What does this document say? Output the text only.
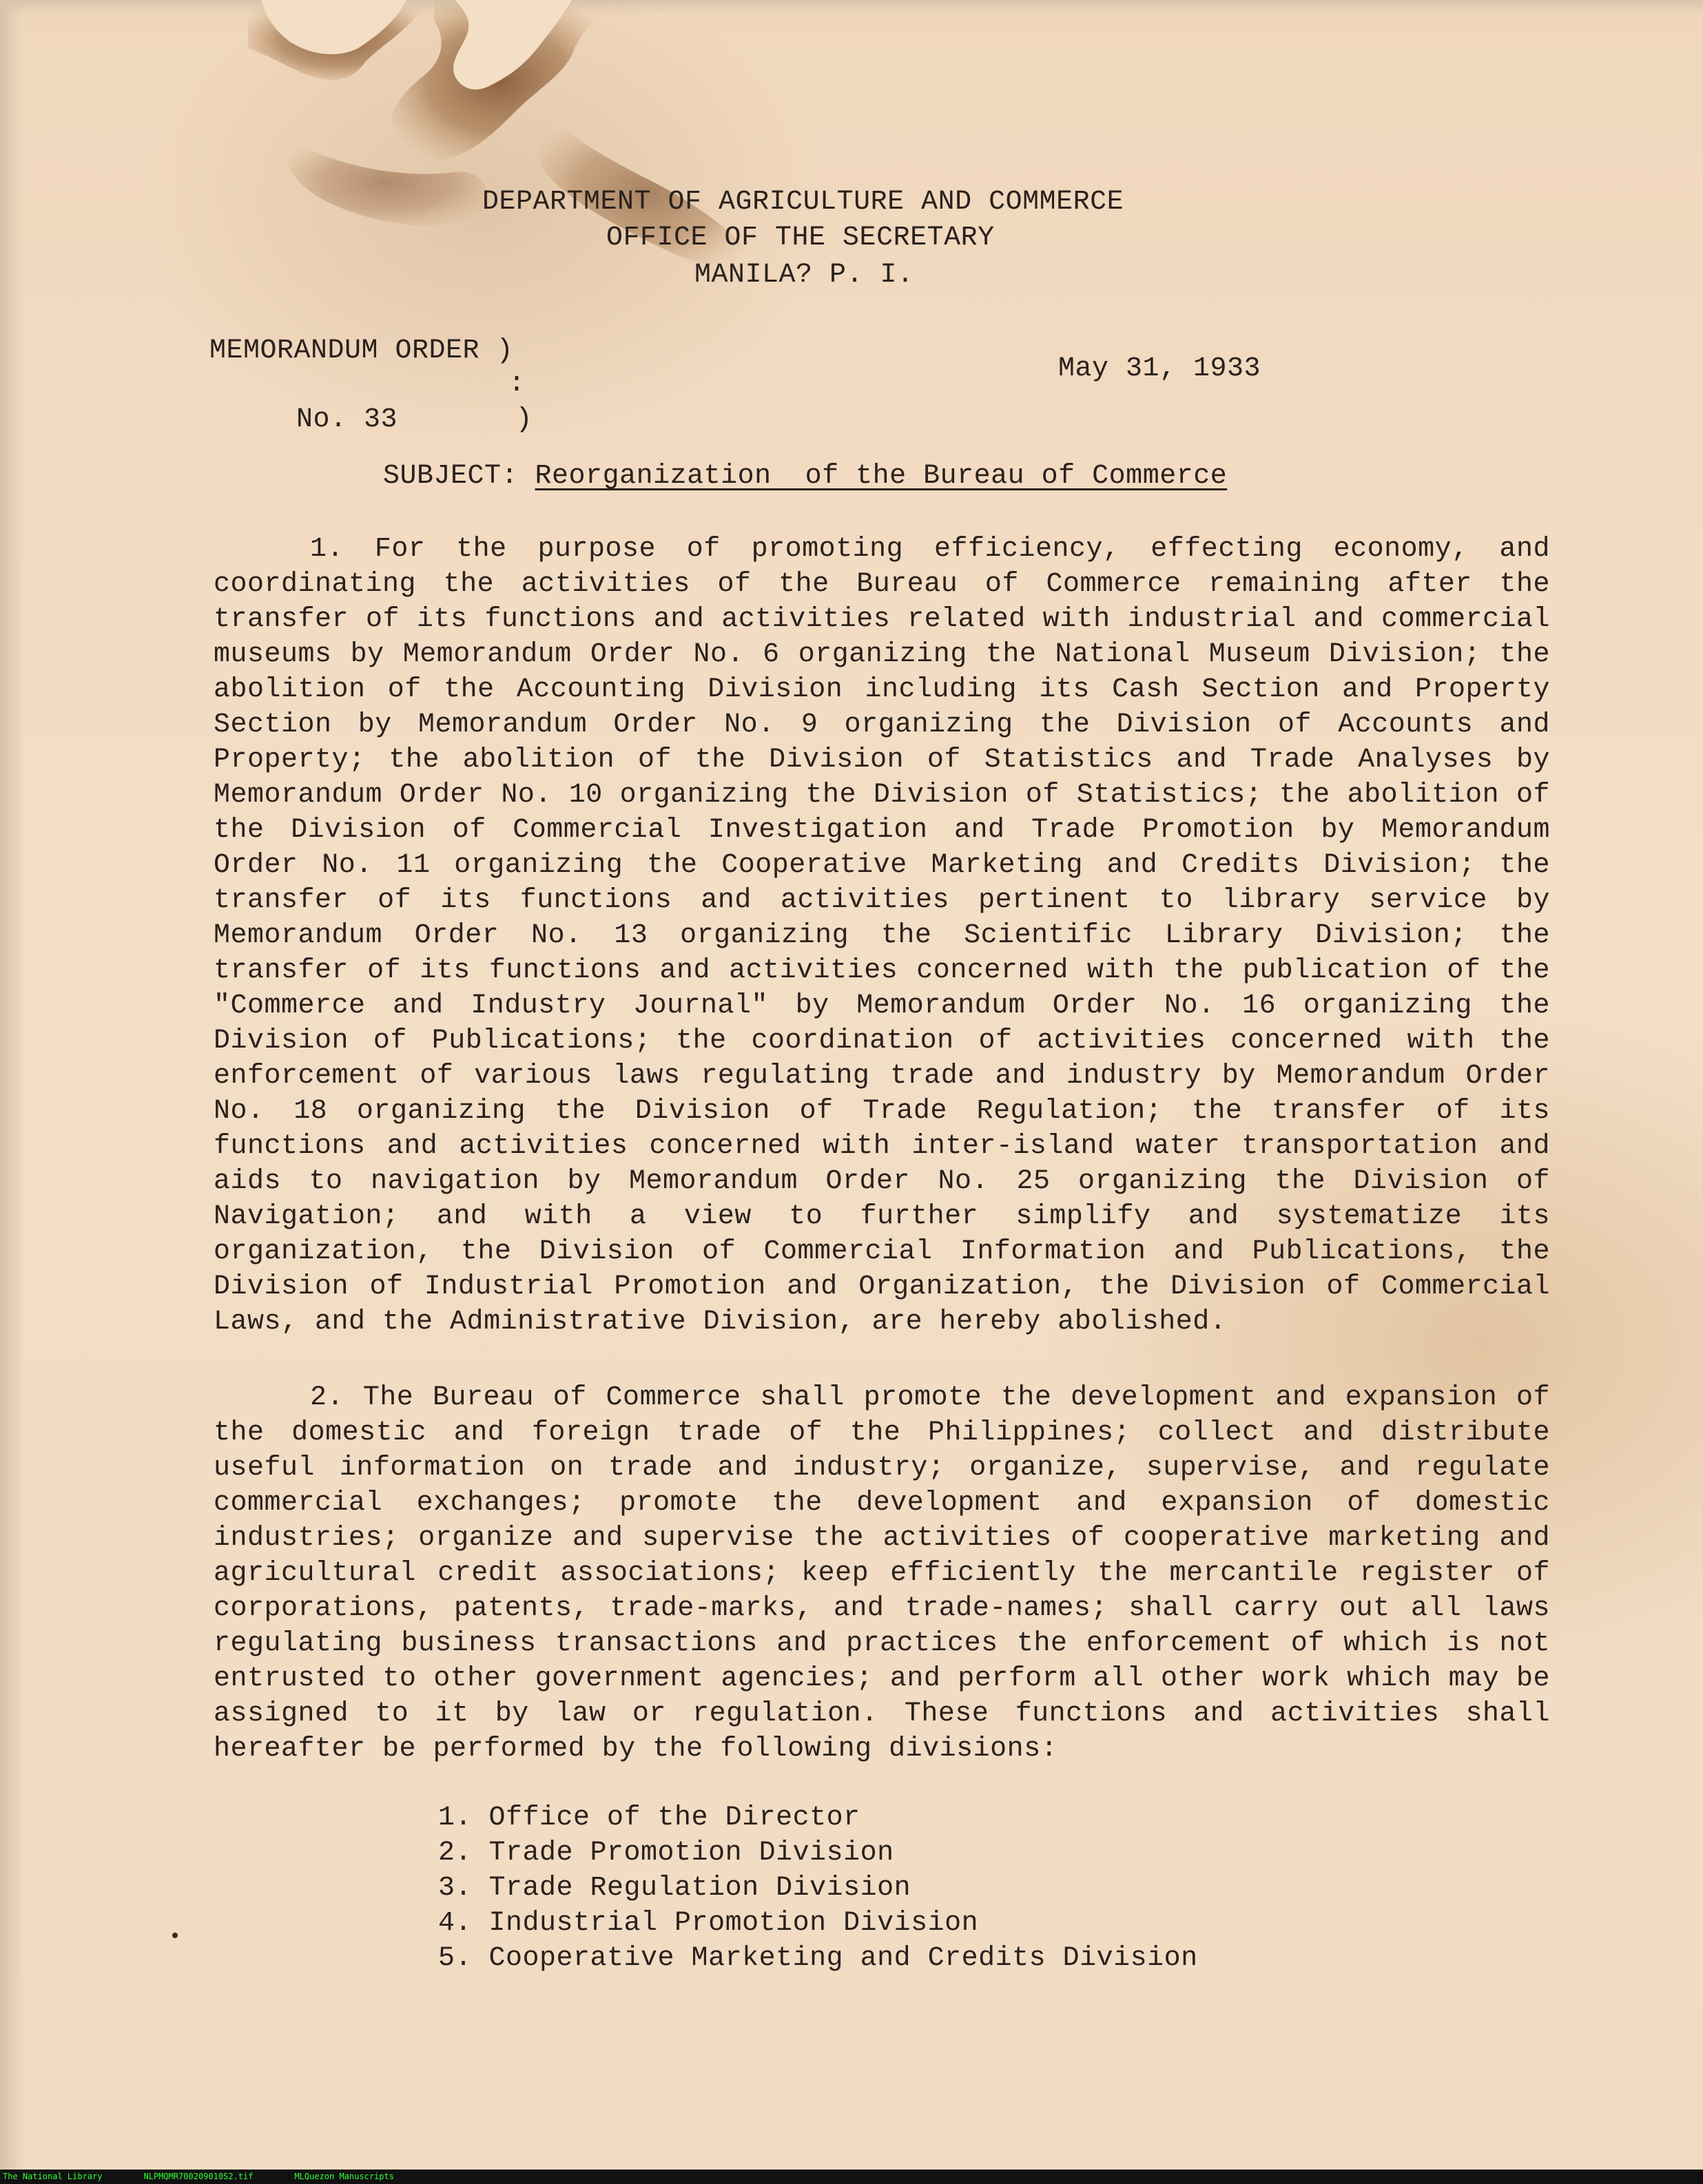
DEPARTMENT OF AGRICULTURE AND COMMERCE
OFFICE OF THE SECRETARY
MANILA? P. I.
MEMORANDUM ORDER )
:
No. 33       )
May 31, 1933
SUBJECT: Reorganization  of the Bureau of Commerce

1. For the purpose of promoting efficiency, effecting economy, and coordinating the activities of the Bureau of Commerce remaining after the transfer of its functions and activities related with industrial and commercial museums by Memorandum Order No. 6 organizing the National Museum Division; the abolition of the Accounting Division including its Cash Section and Property Section by Memorandum Order No. 9 organizing the Division of Accounts and Property; the abolition of the Division of Statistics and Trade Analyses by Memorandum Order No. 10 organizing the Division of Statistics; the abolition of the Division of Commercial Investigation and Trade Promotion by Memorandum Order No. 11 organizing the Cooperative Marketing and Credits Division; the transfer of its functions and activities pertinent to library service by Memorandum Order No. 13 organizing the Scientific Library Division; the transfer of its functions and activities concerned with the publication of the "Commerce and Industry Journal" by Memorandum Order No. 16 organizing the Division of Publications; the coordination of activities concerned with the enforcement of various laws regulating trade and industry by Memorandum Order No. 18 organizing the Division of Trade Regulation; the transfer of its functions and activities concerned with inter-island water transportation and aids to navigation by Memorandum Order No. 25 organizing the Division of Navigation; and with a view to further simplify and systematize its organization, the Division of Commercial Information and Publications, the Division of Industrial Promotion and Organization, the Division of Commercial Laws, and the Administrative Division, are hereby abolished.

2. The Bureau of Commerce shall promote the development and expansion of the domestic and foreign trade of the Philippines; collect and distribute useful information on trade and industry; organize, supervise, and regulate commercial exchanges; promote the development and expansion of domestic industries; organize and supervise the activities of cooperative marketing and agricultural credit associations; keep efficiently the mercantile register of corporations, patents, trade-marks, and trade-names; shall carry out all laws regulating business transactions and practices the enforcement of which is not entrusted to other government agencies; and perform all other work which may be assigned to it by law or regulation. These functions and activities shall hereafter be performed by the following divisions:

1. Office of the Director
2. Trade Promotion Division
3. Trade Regulation Division
4. Industrial Promotion Division
5. Cooperative Marketing and Credits Division
The National Library	NLPMQMR700209010S2.tif	MLQuezon Manuscripts
